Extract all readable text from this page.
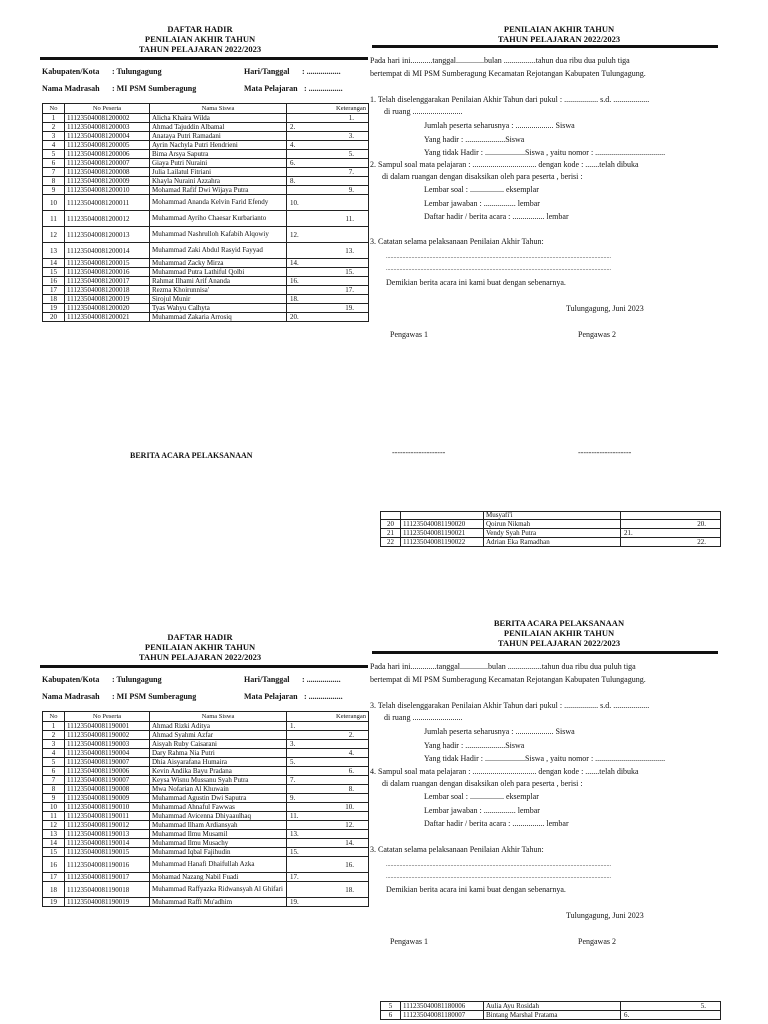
DAFTAR HADIR
PENILAIAN AKHIR TAHUN
TAHUN PELAJARAN 2022/2023
Kabupaten/Kota : Tulungagung	Hari/Tanggal : .................
Nama Madrasah : MI PSM Sumberagung	Mata Pelajaran : .................
No	No Peserta	Nama Siswa	Keterangan
1	111235040081200002	Alicha Khaira Wilda	1.

2	111235040081200003	Ahmad Tajuddin Albamal	2.
3	111235040081200004	Anataya Putri Ramadani	3.

4	111235040081200005	Ayrin Nachyla Putri Hendrieni	4.
5	111235040081200006	Bima Arsya Saputra	5.

6	111235040081200007	Giaya Putri Nuraini	6.
7	111235040081200008	Julia Lailatul Fitriani	7.

8	111235040081200009	Khayla Nuraini Azzahra	8.
9	111235040081200010	Mohamad Rafif Dwi Wijaya Putra	9.

10	111235040081200011	Mohammad Ananda Kelvin Farid Efendy	10.
11	111235040081200012	Muhammad Ayriho Chaesar Kurbarianto	11.

12	111235040081200013	Muhammad Nashrulloh Kafabih Alqowiy	12.
13	111235040081200014	Muhammad Zaki Abdul Rasyid Fayyad	13.

14	111235040081200015	Muhammad Zacky Mirza	14.
15	111235040081200016	Muhammad Putra Lathiful Qolbi	15.

16	111235040081200017	Rahmat Ilhami Arif Ananda	16.
17	111235040081200018	Rezma Khoirunnisa'	17.

18	111235040081200019	Sirojul Munir	18.
19	111235040081200020	Tyas Wahyu Calhyta	19.

20	111235040081200021	Muhammad Zakaria Arrosiq	20.
PENILAIAN AKHIR TAHUN
TAHUN PELAJARAN 2022/2023
Pada hari ini...........tanggal..............bulan ................tahun dua ribu dua puluh tiga
bertempat di MI PSM Sumberagung Kecamatan Rejotangan Kabupaten Tulungagung.
1. Telah diselenggarakan Penilaian Akhir Tahun dari pukul : ................. s.d. ..................
di ruang .........................
Jumlah peserta seharusnya : ................... Siswa
Yang hadir : ....................Siswa
Yang tidak Hadir : ....................Siswa , yaitu nomor : ...................................
2. Sampul soal mata pelajaran : ................................ dengan kode : .......telah dibuka
di dalam ruangan dengan disaksikan oleh para peserta , berisi :
Lembar soal : ................. eksemplar
Lembar jawaban : ................ lembar
Daftar hadir / berita acara : ................ lembar
3. Catatan selama pelaksanaan Penilaian Akhir Tahun:
......................................................................................................................................................
......................................................................................................................................................
Demikian berita acara ini kami buat dengan sebenarnya.
Tulungagung, Juni 2023
Pengawas 1	Pengawas 2
--------------------	--------------------
BERITA ACARA PELAKSANAAN
		Musyafi'i	
20	111235040081190020	Qoirun Nikmah	20.

21	111235040081190021	Vendy Syah Putra	21.
22	111235040081190022	Adrian Eka Ramadhan	22.
DAFTAR HADIR
PENILAIAN AKHIR TAHUN
TAHUN PELAJARAN 2022/2023
Kabupaten/Kota : Tulungagung	Hari/Tanggal : .................
Nama Madrasah : MI PSM Sumberagung	Mata Pelajaran : .................
No	No Peserta	Nama Siswa	Keterangan
1	111235040081190001	Ahmad Rizki Aditya	1.
2	111235040081190002	Ahmad Syahmi Azfar	2.

3	111235040081190003	Aisyah Ruby Caisarani	3.
4	111235040081190004	Dary Rahma Nia Putri	4.

5	111235040081190007	Dhia Aisyarafana Humaira	5.
6	111235040081190006	Kevin Andika Bayu Pradana	6.

7	111235040081190007	Keysa Wisnu Mussanu Syah Putra	7.
8	111235040081190008	Mwa Nofarian Al Khuwain	8.

9	111235040081190009	Muhammad Agustin Dwi Saputra	9.
10	111235040081190010	Muhammad Ahnaful Fawwas	10.

11	111235040081190011	Muhammad Avicenna Dhiyaaulhaq	11.
12	111235040081190012	Muhammad Ilham Ardiansyah	12.

13	111235040081190013	Muhammad Ilmu Musamil	13.
14	111235040081190014	Muhammad Ilmu Musachy	14.

15	111235040081190015	Muhammad Iqbal Fajihudin	15.
16	111235040081190016	Muhammad Hanafi Dhaifullah Azka	16.

17	111235040081190017	Mohamad Nazang Nabil Fuadi	17.
18	111235040081190018	Muhammad Raffyazka Ridwansyah Al Ghifari	18.

19	111235040081190019	Muhammad Raffi Mu'adhim	19.
BERITA ACARA PELAKSANAAN
PENILAIAN AKHIR TAHUN
TAHUN PELAJARAN 2022/2023
Pada hari ini.............tanggal..............bulan .................tahun dua ribu dua puluh tiga
bertempat di MI PSM Sumberagung Kecamatan Rejotangan Kabupaten Tulungagung.
3. Telah diselenggarakan Penilaian Akhir Tahun dari pukul : ................. s.d. ..................
di ruang .........................
Jumlah peserta seharusnya : ................... Siswa
Yang hadir : ....................Siswa
Yang tidak Hadir : ....................Siswa , yaitu nomor : ...................................
4. Sampul soal mata pelajaran : ................................ dengan kode : .......telah dibuka
di dalam ruangan dengan disaksikan oleh para peserta , berisi :
Lembar soal : ................. eksemplar
Lembar jawaban : ................ lembar
Daftar hadir / berita acara : ................ lembar
3. Catatan selama pelaksanaan Penilaian Akhir Tahun:
......................................................................................................................................................
......................................................................................................................................................
Demikian berita acara ini kami buat dengan sebenarnya.
Tulungagung, Juni 2023
Pengawas 1	Pengawas 2
5	111235040081180006	Aulia Ayu Rosidah	5.

6	111235040081180007	Bintang Marshal Pratama	6.
